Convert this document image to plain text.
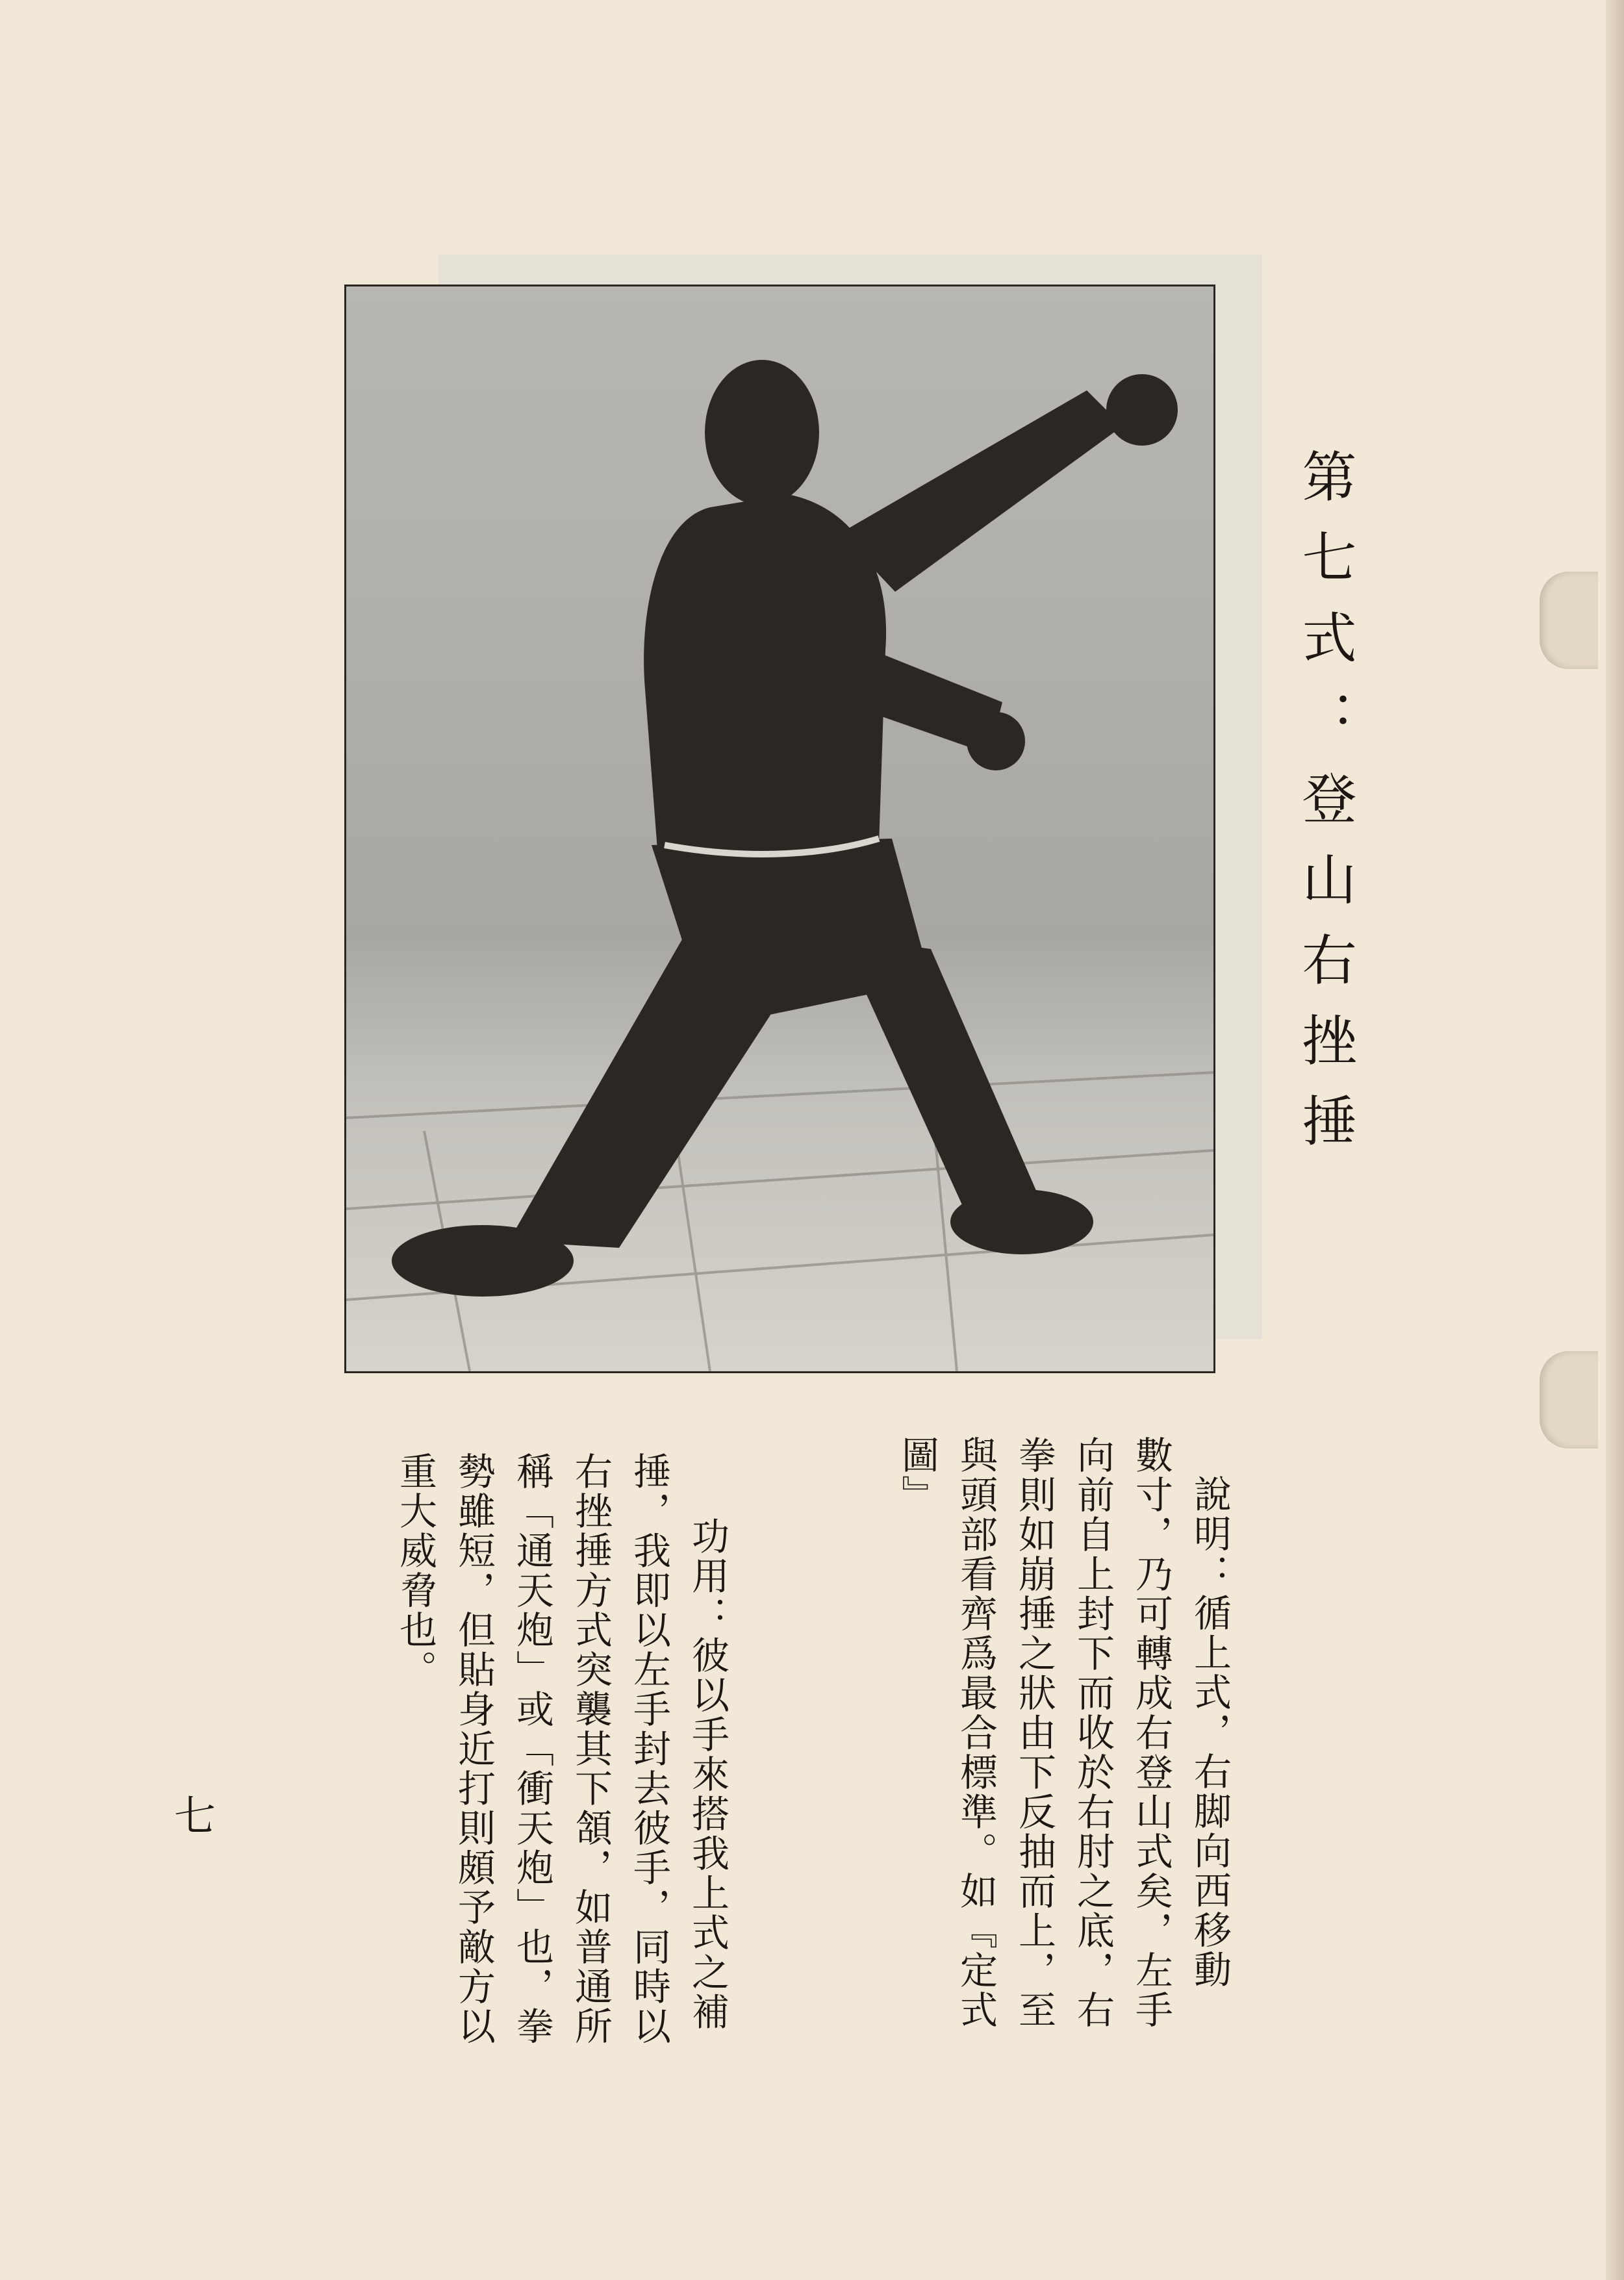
第七式：登山右挫捶
說明：循上式，右脚向西移動
數寸，乃可轉成右登山式矣，左手
向前自上封下而收於右肘之底，右
拳則如崩捶之狀由下反抽而上，至
與頭部看齊爲最合標準。如『定式
圖』
功用：彼以手來搭我上式之補
捶，我即以左手封去彼手，同時以
右挫捶方式突襲其下頷，如普通所
稱「通天炮」或「衝天炮」也，拳
勢雖短，但貼身近打則頗予敵方以
重大威脅也。
七
